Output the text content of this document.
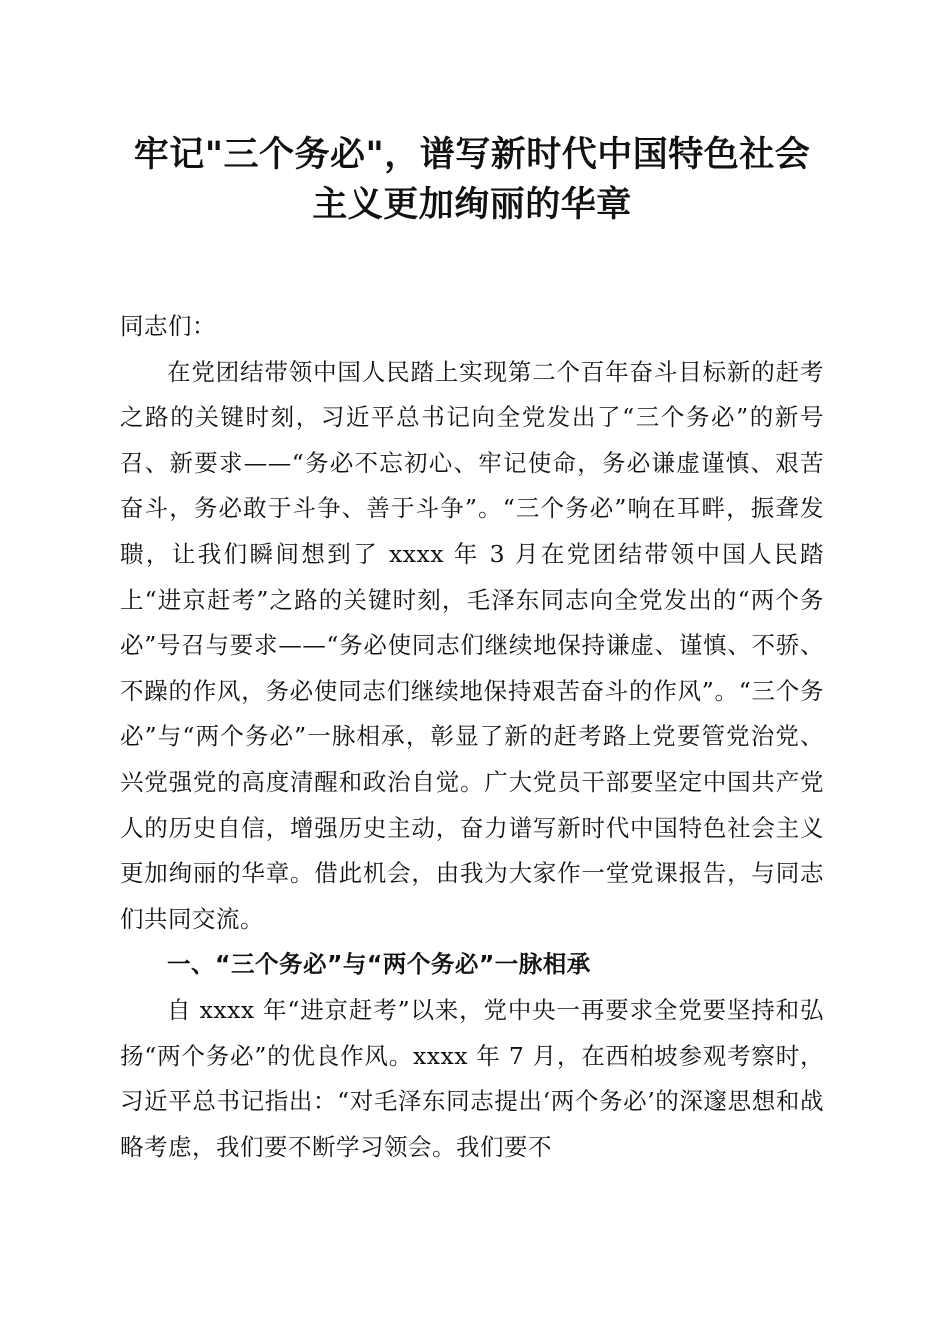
牢记"三个务必"，谱写新时代中国特色社会
主义更加绚丽的华章

同志们：

在党团结带领中国人民踏上实现第二个百年奋斗目标新的赶考之路的关键时刻，习近平总书记向全党发出了“三个务必”的新号召、新要求——“务必不忘初心、牢记使命，务必谦虚谨慎、艰苦奋斗，务必敢于斗争、善于斗争”。“三个务必”响在耳畔，振聋发聩，让我们瞬间想到了 xxxx 年 3 月在党团结带领中国人民踏上“进京赶考”之路的关键时刻，毛泽东同志向全党发出的“两个务必”号召与要求——“务必使同志们继续地保持谦虚、谨慎、不骄、不躁的作风，务必使同志们继续地保持艰苦奋斗的作风”。“三个务必”与“两个务必”一脉相承，彰显了新的赶考路上党要管党治党、兴党强党的高度清醒和政治自觉。广大党员干部要坚定中国共产党人的历史自信，增强历史主动，奋力谱写新时代中国特色社会主义更加绚丽的华章。借此机会，由我为大家作一堂党课报告，与同志们共同交流。

一、“三个务必”与“两个务必”一脉相承

自 xxxx 年“进京赶考”以来，党中央一再要求全党要坚持和弘扬“两个务必”的优良作风。xxxx 年 7 月，在西柏坡参观考察时，习近平总书记指出：“对毛泽东同志提出‘两个务必’的深邃思想和战略考虑，我们要不断学习领会。我们要不
